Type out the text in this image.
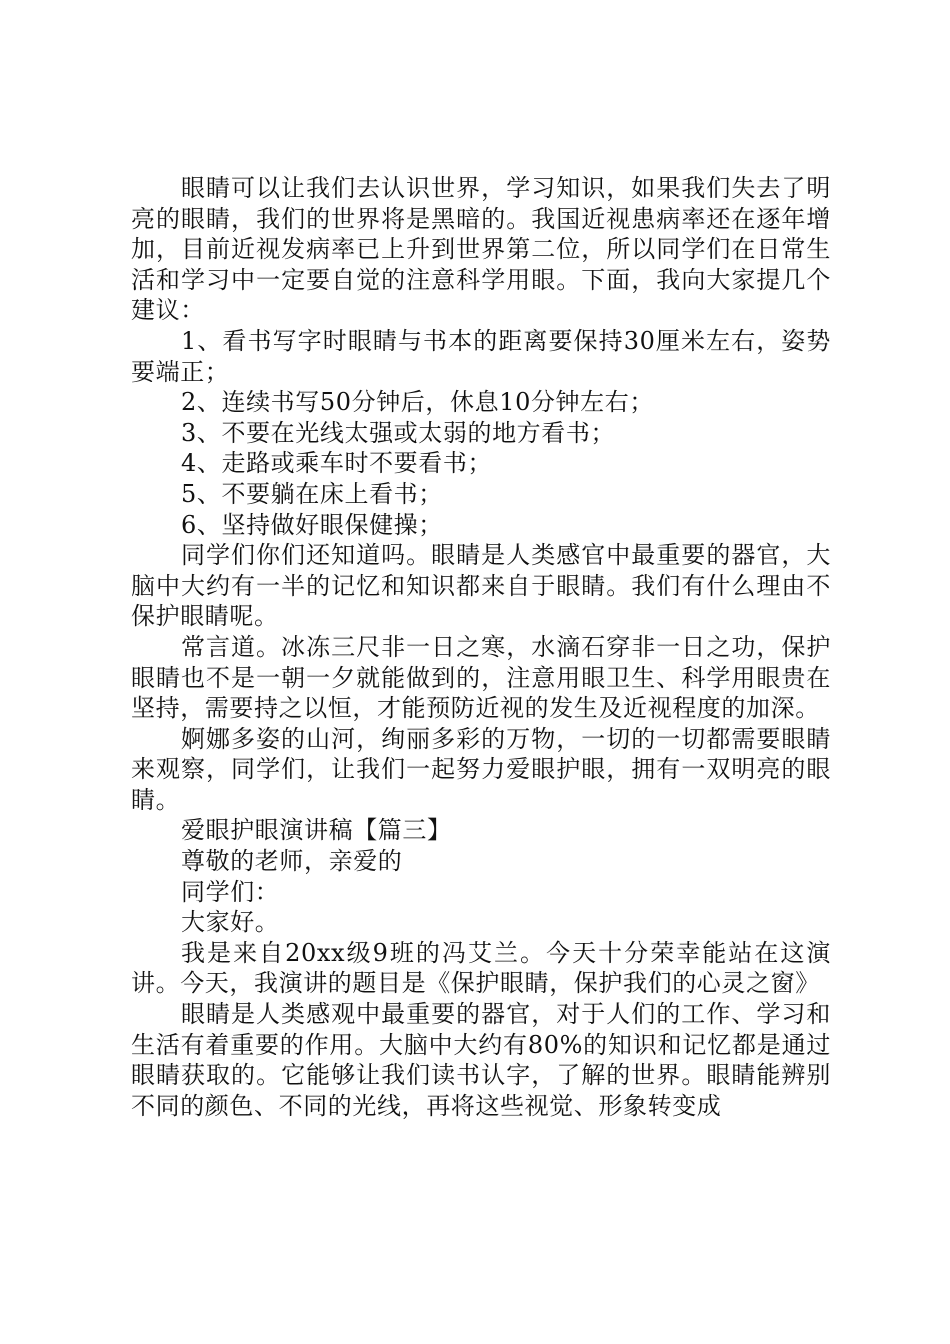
眼睛可以让我们去认识世界，学习知识，如果我们失去了明亮的眼睛，我们的世界将是黑暗的。我国近视患病率还在逐年增加，目前近视发病率已上升到世界第二位，所以同学们在日常生活和学习中一定要自觉的注意科学用眼。下面，我向大家提几个建议：

1、看书写字时眼睛与书本的距离要保持30厘米左右，姿势要端正；

2、连续书写50分钟后，休息10分钟左右；

3、不要在光线太强或太弱的地方看书；

4、走路或乘车时不要看书；

5、不要躺在床上看书；

6、坚持做好眼保健操；

同学们你们还知道吗。眼睛是人类感官中最重要的器官，大脑中大约有一半的记忆和知识都来自于眼睛。我们有什么理由不保护眼睛呢。

常言道。冰冻三尺非一日之寒，水滴石穿非一日之功，保护眼睛也不是一朝一夕就能做到的，注意用眼卫生、科学用眼贵在坚持，需要持之以恒，才能预防近视的发生及近视程度的加深。

婀娜多姿的山河，绚丽多彩的万物，一切的一切都需要眼睛来观察，同学们，让我们一起努力爱眼护眼，拥有一双明亮的眼睛。

爱眼护眼演讲稿【篇三】

尊敬的老师，亲爱的

同学们：

大家好。

我是来自20xx级9班的冯艾兰。今天十分荣幸能站在这演讲。今天，我演讲的题目是《保护眼睛，保护我们的心灵之窗》

眼睛是人类感观中最重要的器官，对于人们的工作、学习和生活有着重要的作用。大脑中大约有80%的知识和记忆都是通过眼睛获取的。它能够让我们读书认字，了解的世界。眼睛能辨别不同的颜色、不同的光线，再将这些视觉、形象转变成
